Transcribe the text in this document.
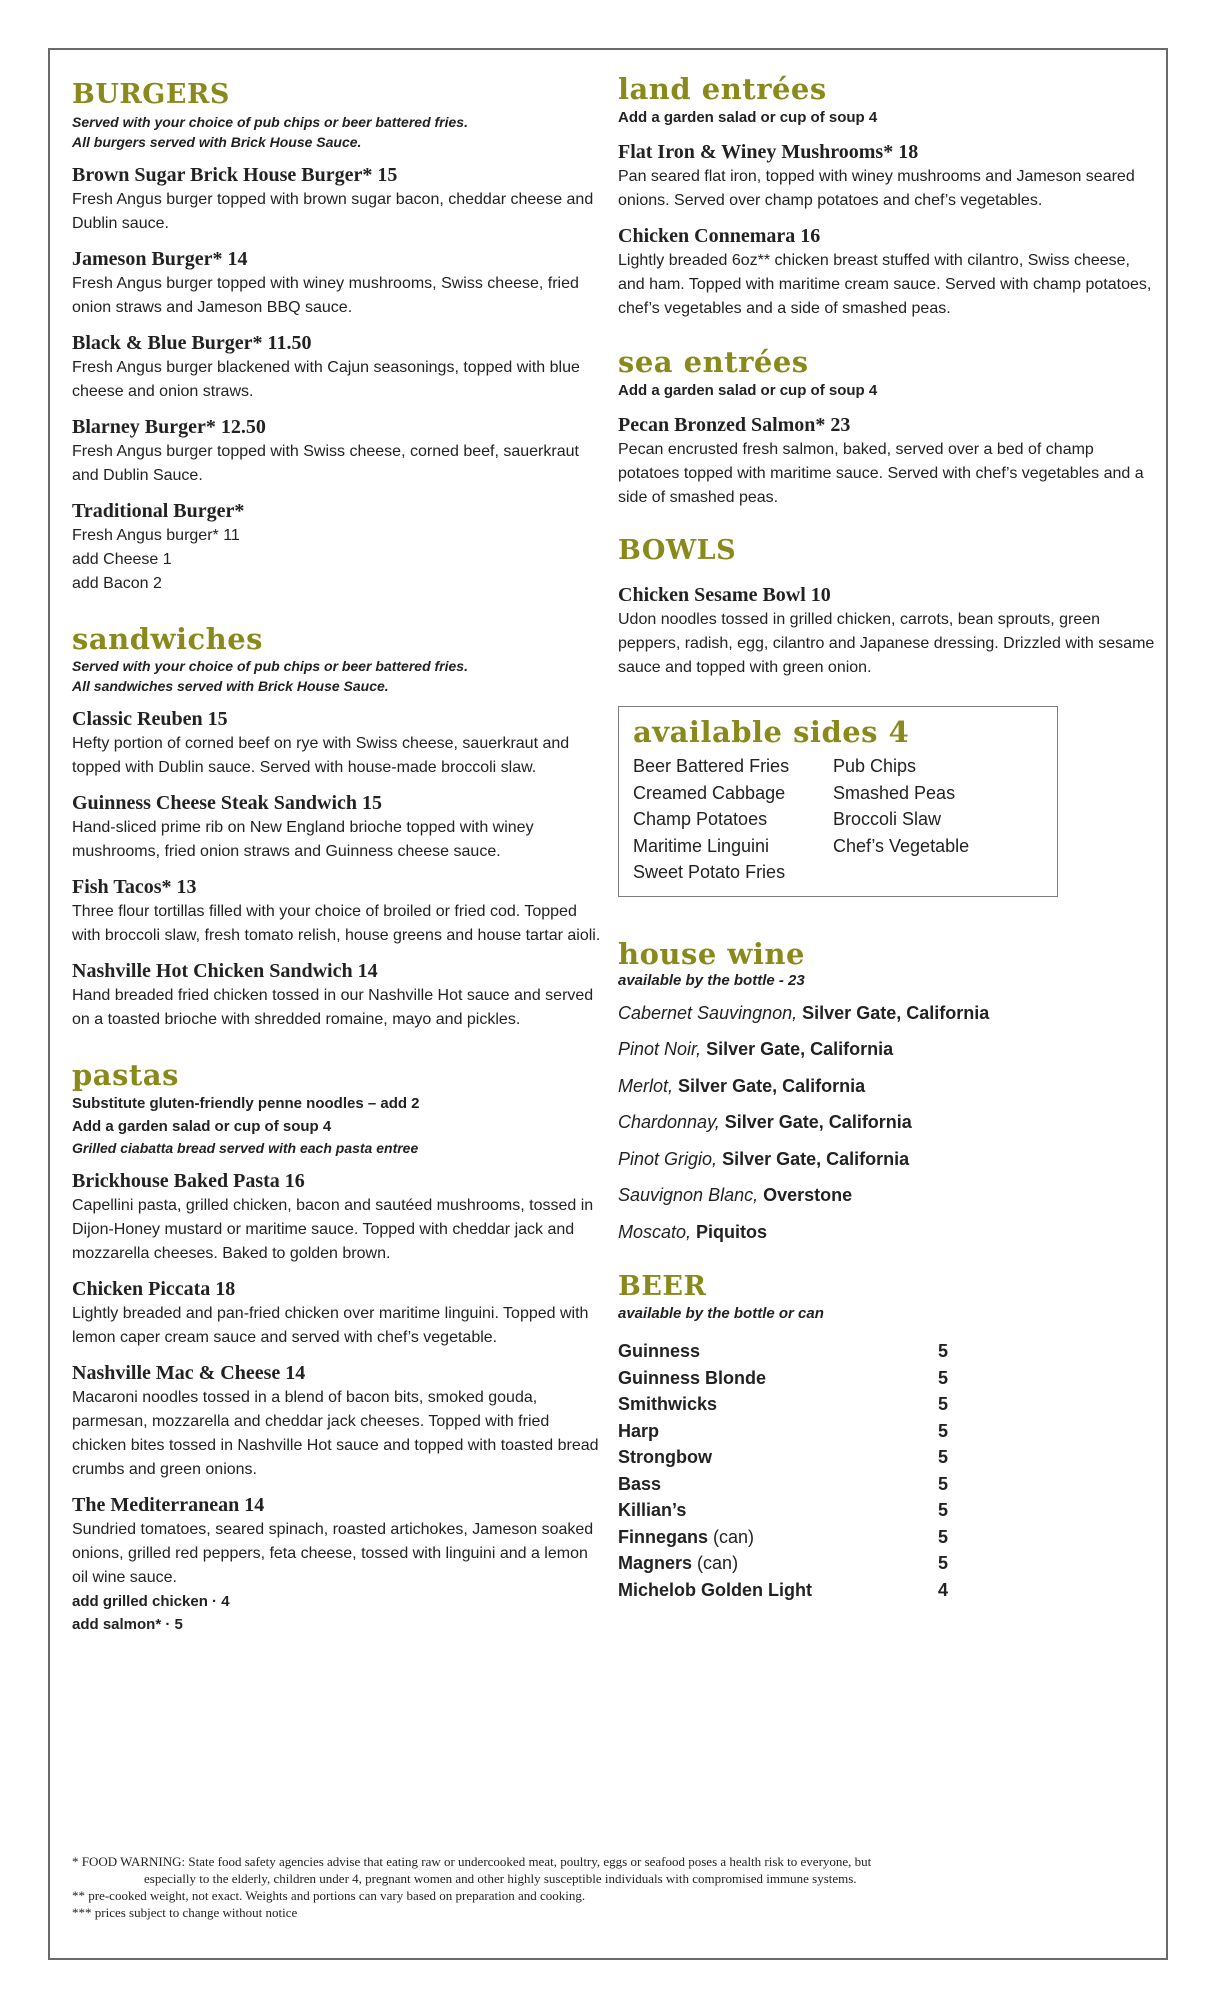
BURGERS

Served with your choice of pub chips or beer battered fries.

All burgers served with Brick House Sauce.

Brown Sugar Brick House Burger* 15

Fresh Angus burger topped with brown sugar bacon, cheddar cheese and Dublin sauce.

Jameson Burger* 14

Fresh Angus burger topped with winey mushrooms, Swiss cheese, fried onion straws and Jameson BBQ sauce.

Black & Blue Burger* 11.50

Fresh Angus burger blackened with Cajun seasonings, topped with blue cheese and onion straws.

Blarney Burger* 12.50

Fresh Angus burger topped with Swiss cheese, corned beef, sauerkraut and Dublin Sauce.

Traditional Burger*

Fresh Angus burger* 11

add Cheese 1

add Bacon 2

sandwiches

Served with your choice of pub chips or beer battered fries.

All sandwiches served with Brick House Sauce.

Classic Reuben 15

Hefty portion of corned beef on rye with Swiss cheese, sauerkraut and topped with Dublin sauce. Served with house-made broccoli slaw.

Guinness Cheese Steak Sandwich 15

Hand-sliced prime rib on New England brioche topped with winey mushrooms, fried onion straws and Guinness cheese sauce.

Fish Tacos* 13

Three flour tortillas filled with your choice of broiled or fried cod. Topped with broccoli slaw, fresh tomato relish, house greens and house tartar aioli.

Nashville Hot Chicken Sandwich 14

Hand breaded fried chicken tossed in our Nashville Hot sauce and served on a toasted brioche with shredded romaine, mayo and pickles.

pastas

Substitute gluten-friendly penne noodles – add 2

Add a garden salad or cup of soup 4

Grilled ciabatta bread served with each pasta entree

Brickhouse Baked Pasta 16

Capellini pasta, grilled chicken, bacon and sautéed mushrooms, tossed in Dijon-Honey mustard or maritime sauce. Topped with cheddar jack and mozzarella cheeses. Baked to golden brown.

Chicken Piccata 18

Lightly breaded and pan-fried chicken over maritime linguini. Topped with lemon caper cream sauce and served with chef’s vegetable.

Nashville Mac & Cheese 14

Macaroni noodles tossed in a blend of bacon bits, smoked gouda, parmesan, mozzarella and cheddar jack cheeses. Topped with fried chicken bites tossed in Nashville Hot sauce and topped with toasted bread crumbs and green onions.

The Mediterranean 14

Sundried tomatoes, seared spinach, roasted artichokes, Jameson soaked onions, grilled red peppers, feta cheese, tossed with linguini and a lemon oil wine sauce.

add grilled chicken · 4

add salmon* · 5

land entrées

Add a garden salad or cup of soup 4

Flat Iron & Winey Mushrooms* 18

Pan seared flat iron, topped with winey mushrooms and Jameson seared onions. Served over champ potatoes and chef’s vegetables.

Chicken Connemara 16

Lightly breaded 6oz** chicken breast stuffed with cilantro, Swiss cheese, and ham. Topped with maritime cream sauce. Served with champ potatoes, chef’s vegetables and a side of smashed peas.

sea entrées

Add a garden salad or cup of soup 4

Pecan Bronzed Salmon* 23

Pecan encrusted fresh salmon, baked, served over a bed of champ potatoes topped with maritime sauce. Served with chef’s vegetables and a side of smashed peas.

BOWLS

Chicken Sesame Bowl 10

Udon noodles tossed in grilled chicken, carrots, bean sprouts, green peppers, radish, egg, cilantro and Japanese dressing. Drizzled with sesame sauce and topped with green onion.

available sides 4
Beer Battered Fries	Pub Chips
Creamed Cabbage	Smashed Peas
Champ Potatoes	Broccoli Slaw
Maritime Linguini	Chef’s Vegetable
Sweet Potato Fries
house wine

available by the bottle - 23

Cabernet Sauvingnon, Silver Gate, California

Pinot Noir, Silver Gate, California

Merlot, Silver Gate, California

Chardonnay, Silver Gate, California

Pinot Grigio, Silver Gate, California

Sauvignon Blanc, Overstone

Moscato, Piquitos

BEER

available by the bottle or can

Guinness	5
Guinness Blonde	5
Smithwicks	5
Harp	5
Strongbow	5
Bass	5
Killian’s	5
Finnegans (can)	5
Magners (can)	5
Michelob Golden Light	4

* FOOD WARNING: State food safety agencies advise that eating raw or undercooked meat, poultry, eggs or seafood poses a health risk to everyone, but

especially to the elderly, children under 4, pregnant women and other highly susceptible individuals with compromised immune systems.

** pre-cooked weight, not exact. Weights and portions can vary based on preparation and cooking.

*** prices subject to change without notice
